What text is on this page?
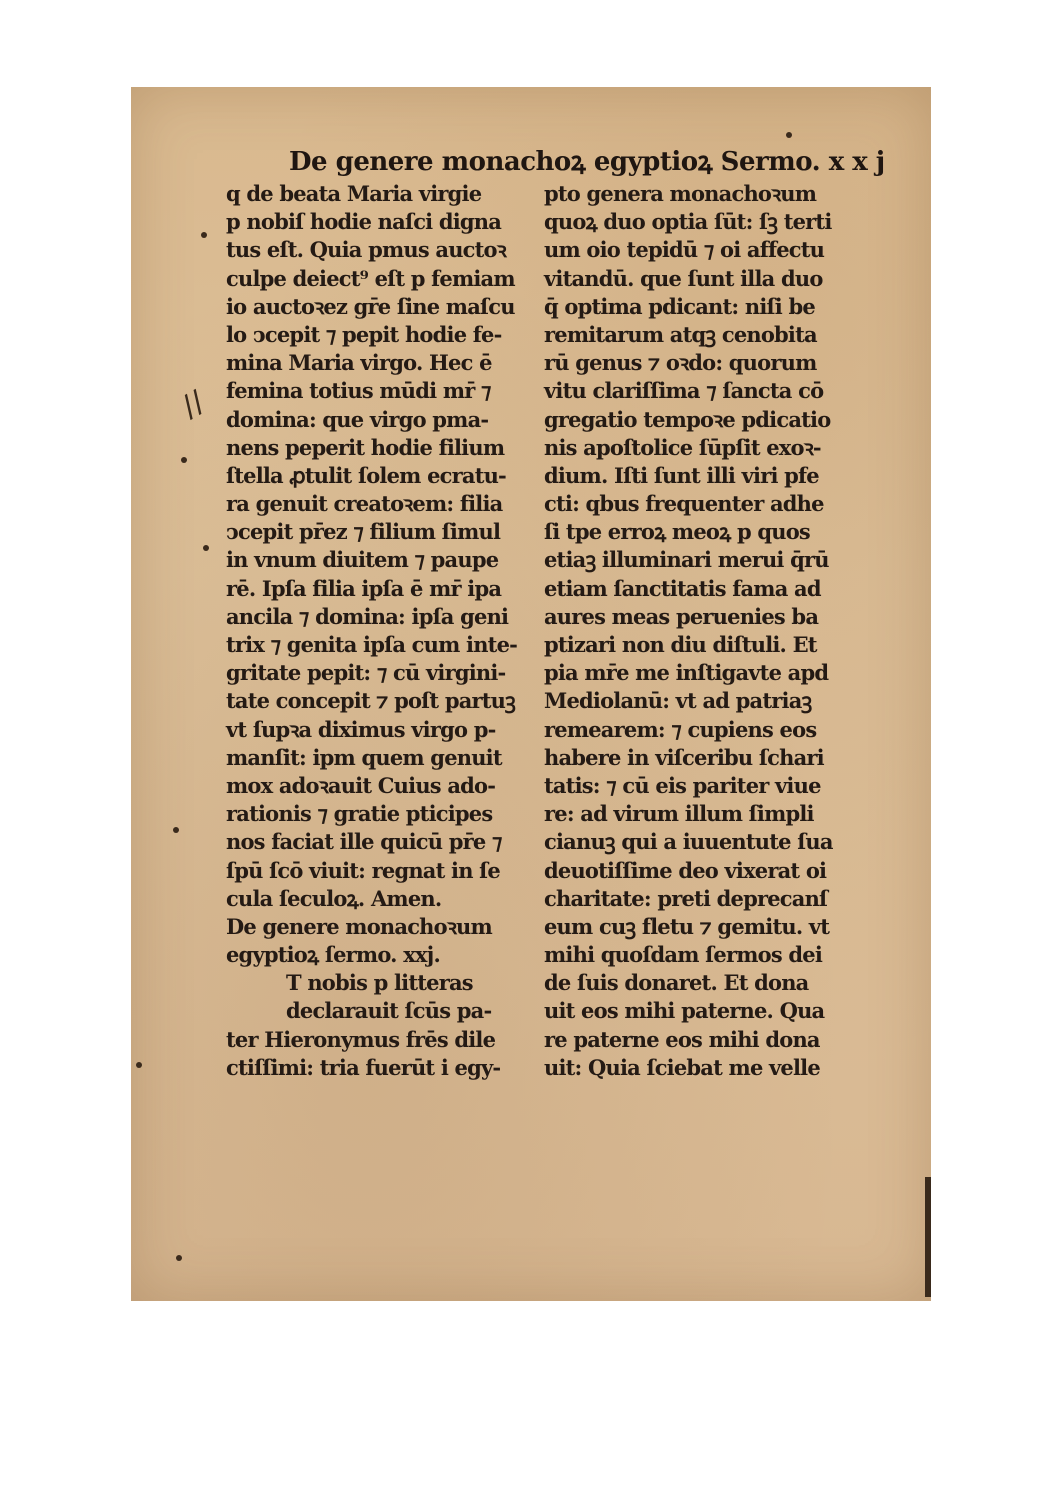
De genere monachoꝝ egyptioꝝ Sermo. x x j
q de beata Maria virgie
p nobiſ hodie naſci digna
tus eſt. Quia pmus auctoꝛ
culpe deiect⁹ eſt p femiam
io auctoꝛez gr̄e ſine maſcu
lo ↄcepit ⁊ pepit hodie fe-
mina Maria virgo. Hec ē
femina totius mūdi mr̄ ⁊
domina: que virgo pma-
nens peperit hodie filium
ſtella ꝓtulit ſolem ecratu-
ra genuit creatoꝛem: filia
ↄcepit pr̄ez ⁊ filium ſimul
in vnum diuitem ⁊ paupe
rē. Ipſa filia ipſa ē mr̄ ipa
ancila ⁊ domina: ipſa geni
trix ⁊ genita ipſa cum inte-
gritate pepit: ⁊ cū virgini-
tate concepit ⁊ poſt partuꝫ
vt ſupꝛa diximus virgo p-
manſit: ipm quem genuit
mox adoꝛauit Cuius ado-
rationis ⁊ gratie pticipes
nos faciat ille quicū pr̄e ⁊
ſpū ſcō viuit: regnat in ſe
cula ſeculoꝝ. Amen.
De genere monachoꝛum
egyptioꝝ ſermo. xxj.
T nobis p litteras
declarauit ſcūs pa-
ter Hieronymus frēs dile
ctiſſimi: tria fuerūt i egy-
pto genera monachoꝛum
quoꝝ duo optia ſūt: ſꝫ terti
um oio tepidū ⁊ oi affectu
vitandū. que ſunt illa duo
q̄ optima pdicant: niſi be
remitarum atqꝫ cenobita
rū genus ⁊ oꝛdo: quorum
vitu clariſſima ⁊ ſancta cō
gregatio tempoꝛe pdicatio
nis apoſtolice ſūpſit exoꝛ-
dium. Iſti ſunt illi viri pfe
cti: qbus frequenter adhe
ſi tpe erroꝝ meoꝝ p quos
etiaꝫ illuminari merui q̄rū
etiam ſanctitatis fama ad
aures meas peruenies ba
ptizari non diu diſtuli. Et
pia mr̄e me inſtigavte apd
Mediolanū: vt ad patriaꝫ
remearem: ⁊ cupiens eos
habere in viſceribu ſchari
tatis: ⁊ cū eis pariter viue
re: ad virum illum ſimpli
cianuꝫ qui a iuuentute ſua
deuotiſſime deo vixerat oi
charitate: preti deprecanſ
eum cuꝫ fletu ⁊ gemitu. vt
mihi quoſdam ſermos dei
de ſuis donaret. Et dona
uit eos mihi paterne. Qua
re paterne eos mihi dona
uit: Quia ſciebat me velle
//
